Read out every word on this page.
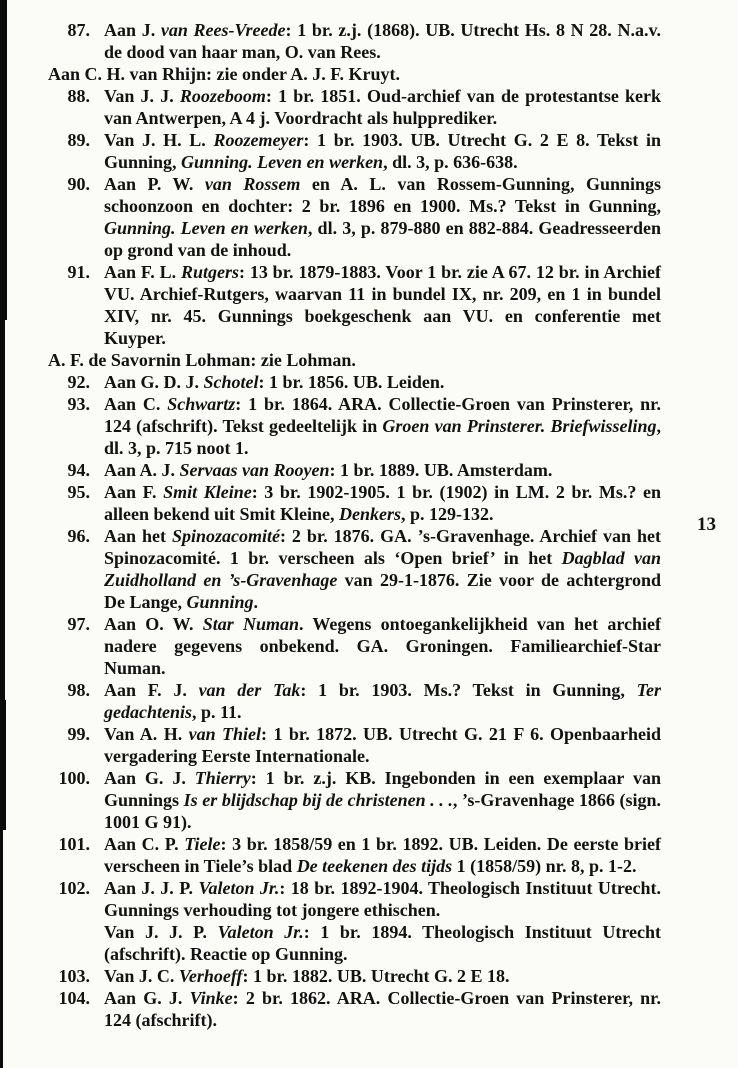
87. Aan J. van Rees-Vreede: 1 br. z.j. (1868). UB. Utrecht Hs. 8 N 28. N.a.v. de dood van haar man, O. van Rees.
Aan C. H. van Rhijn: zie onder A. J. F. Kruyt.
88. Van J. J. Roozeboom: 1 br. 1851. Oud-archief van de protestantse kerk van Antwerpen, A 4 j. Voordracht als hulpprediker.
89. Van J. H. L. Roozemeyer: 1 br. 1903. UB. Utrecht G. 2 E 8. Tekst in Gunning, Gunning. Leven en werken, dl. 3, p. 636-638.
90. Aan P. W. van Rossem en A. L. van Rossem-Gunning, Gunnings schoonzoon en dochter: 2 br. 1896 en 1900. Ms.? Tekst in Gunning, Gunning. Leven en werken, dl. 3, p. 879-880 en 882-884. Geadresseerden op grond van de inhoud.
91. Aan F. L. Rutgers: 13 br. 1879-1883. Voor 1 br. zie A 67. 12 br. in Archief VU. Archief-Rutgers, waarvan 11 in bundel IX, nr. 209, en 1 in bundel XIV, nr. 45. Gunnings boekgeschenk aan VU. en conferentie met Kuyper.
A. F. de Savornin Lohman: zie Lohman.
92. Aan G. D. J. Schotel: 1 br. 1856. UB. Leiden.
93. Aan C. Schwartz: 1 br. 1864. ARA. Collectie-Groen van Prinsterer, nr. 124 (afschrift). Tekst gedeeltelijk in Groen van Prinsterer. Briefwisseling, dl. 3, p. 715 noot 1.
94. Aan A. J. Servaas van Rooyen: 1 br. 1889. UB. Amsterdam.
95. Aan F. Smit Kleine: 3 br. 1902-1905. 1 br. (1902) in LM. 2 br. Ms.? en alleen bekend uit Smit Kleine, Denkers, p. 129-132.
96. Aan het Spinozacomité: 2 br. 1876. GA. ’s-Gravenhage. Archief van het Spinozacomité. 1 br. verscheen als ‘Open brief’ in het Dagblad van Zuidholland en ’s-Gravenhage van 29-1-1876. Zie voor de achtergrond De Lange, Gunning.
97. Aan O. W. Star Numan. Wegens ontoegankelijkheid van het archief nadere gegevens onbekend. GA. Groningen. Familiearchief-Star Numan.
98. Aan F. J. van der Tak: 1 br. 1903. Ms.? Tekst in Gunning, Ter gedachtenis, p. 11.
99. Van A. H. van Thiel: 1 br. 1872. UB. Utrecht G. 21 F 6. Openbaarheid vergadering Eerste Internationale.
100. Aan G. J. Thierry: 1 br. z.j. KB. Ingebonden in een exemplaar van Gunnings Is er blijdschap bij de christenen . . ., ’s-Gravenhage 1866 (sign. 1001 G 91).
101. Aan C. P. Tiele: 3 br. 1858/59 en 1 br. 1892. UB. Leiden. De eerste brief verscheen in Tiele’s blad De teekenen des tijds 1 (1858/59) nr. 8, p. 1-2.
102. Aan J. J. P. Valeton Jr.: 18 br. 1892-1904. Theologisch Instituut Utrecht. Gunnings verhouding tot jongere ethischen.
Van J. J. P. Valeton Jr.: 1 br. 1894. Theologisch Instituut Utrecht (afschrift). Reactie op Gunning.
103. Van J. C. Verhoeff: 1 br. 1882. UB. Utrecht G. 2 E 18.
104. Aan G. J. Vinke: 2 br. 1862. ARA. Collectie-Groen van Prinsterer, nr. 124 (afschrift).
13
